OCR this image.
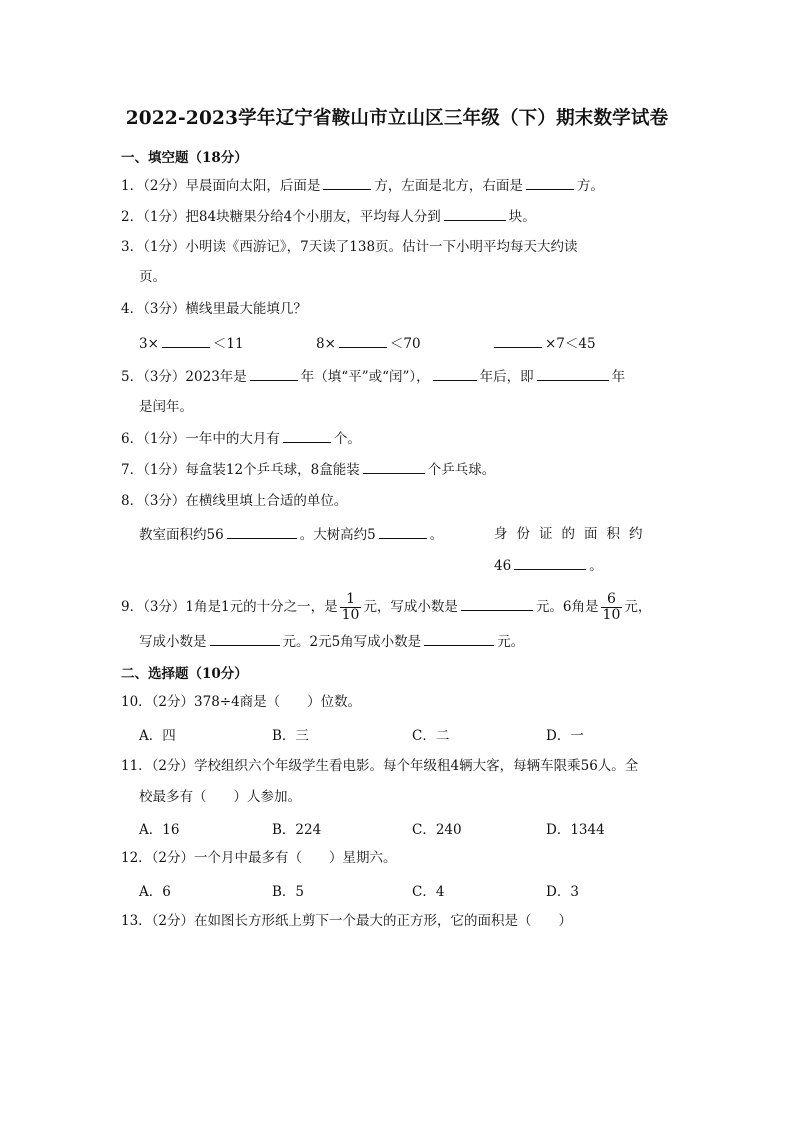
2022-2023学年辽宁省鞍山市立山区三年级（下）期末数学试卷
一、填空题（18分）
1．（2分）早晨面向太阳，后面是	方，左面是北方，右面是	方。
2．（1分）把84块糖果分给4个小朋友，平均每人分到	块。
3．（1分）小明读《西游记》，7天读了138页。估计一下小明平均每天大约读
页。
4．（3分）横线里最大能填几？
3×	＜11	8×	＜70	×7＜45
5．（3分）2023年是	年（填“平”或“闰”），	年后，即	年
是闰年。
6．（1分）一年中的大月有	个。
7．（1分）每盒装12个乒乓球，8盒能装	个乒乓球。
8．（3分）在横线里填上合适的单位。
教室面积约56	。大树高约5	。	身份证的面积约
46	。
9．（3分）1角是1元的十分之一，是 $\frac{1}{10}$ 元，写成小数是	元。6角是 $\frac{6}{10}$ 元，
写成小数是	元。2元5角写成小数是	元。
二、选择题（10分）
10．（2分）378÷4商是（　　）位数。
A．四	B．三	C．二	D．一
11．（2分）学校组织六个年级学生看电影。每个年级租4辆大客，每辆车限乘56人。全
校最多有（　　）人参加。
A．16	B．224	C．240	D．1344
12．（2分）一个月中最多有（　　）星期六。
A．6	B．5	C．4	D．3
13．（2分）在如图长方形纸上剪下一个最大的正方形，它的面积是（　　）
